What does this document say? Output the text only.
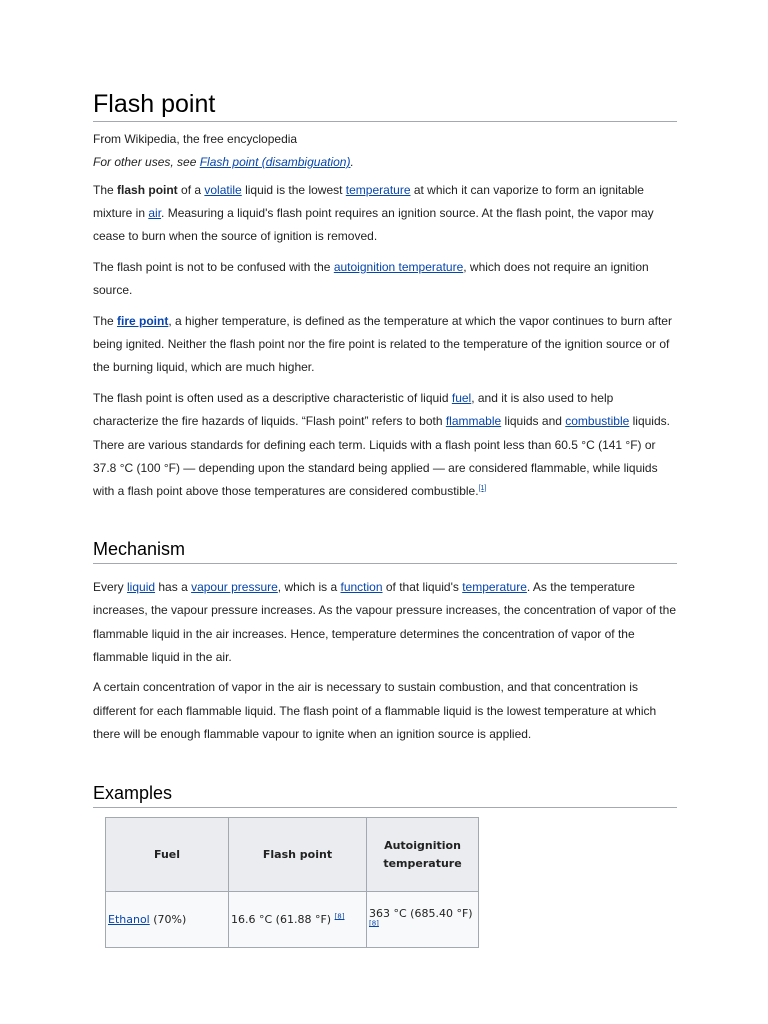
Flash point
From Wikipedia, the free encyclopedia
For other uses, see Flash point (disambiguation).

The flash point of a volatile liquid is the lowest temperature at which it can vaporize to form an ignitable mixture in air. Measuring a liquid's flash point requires an ignition source. At the flash point, the vapor may cease to burn when the source of ignition is removed.

The flash point is not to be confused with the autoignition temperature, which does not require an ignition source.

The fire point, a higher temperature, is defined as the temperature at which the vapor continues to burn after being ignited. Neither the flash point nor the fire point is related to the temperature of the ignition source or of the burning liquid, which are much higher.

The flash point is often used as a descriptive characteristic of liquid fuel, and it is also used to help characterize the fire hazards of liquids. “Flash point” refers to both flammable liquids and combustible liquids. There are various standards for defining each term. Liquids with a flash point less than 60.5 °C (141 °F) or 37.8 °C (100 °F) — depending upon the standard being applied — are considered flammable, while liquids with a flash point above those temperatures are considered combustible.[1]

Mechanism

Every liquid has a vapour pressure, which is a function of that liquid's temperature. As the temperature increases, the vapour pressure increases. As the vapour pressure increases, the concentration of vapor of the flammable liquid in the air increases. Hence, temperature determines the concentration of vapor of the flammable liquid in the air.

A certain concentration of vapor in the air is necessary to sustain combustion, and that concentration is different for each flammable liquid. The flash point of a flammable liquid is the lowest temperature at which there will be enough flammable vapour to ignite when an ignition source is applied.

Examples
Fuel	Flash point	Autoignition temperature
Ethanol (70%)	16.6 °C (61.88 °F) [8]	363 °C (685.40 °F) [8]
